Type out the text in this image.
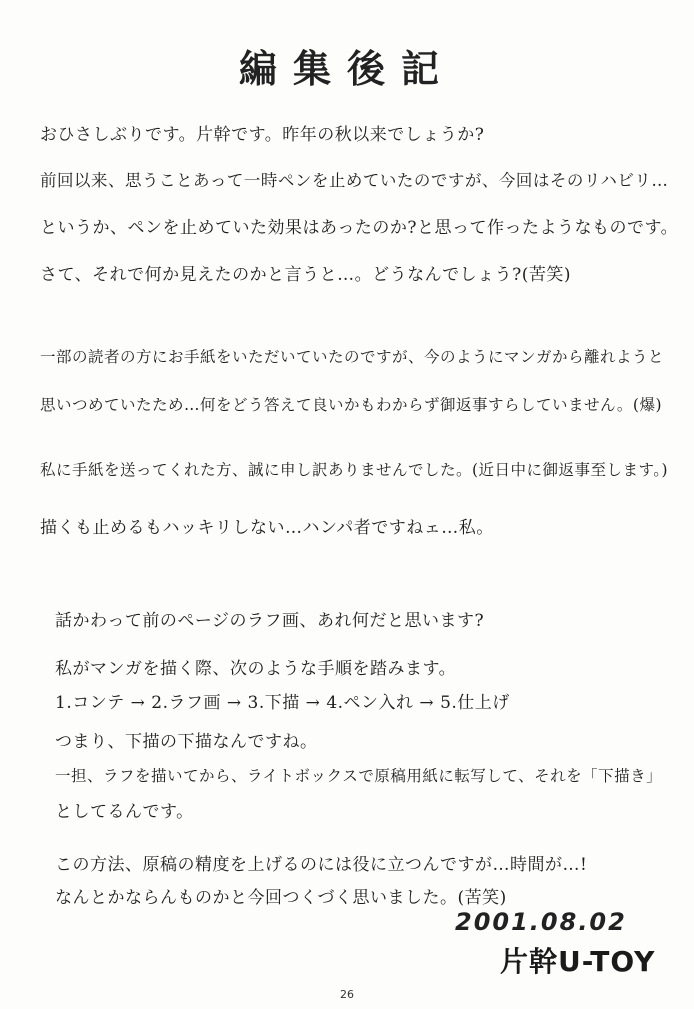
編集後記
おひさしぶりです。片幹です。昨年の秋以来でしょうか?
前回以来、思うことあって一時ペンを止めていたのですが、今回はそのリハビリ…
というか、ペンを止めていた効果はあったのか?と思って作ったようなものです。
さて、それで何か見えたのかと言うと…。どうなんでしょう?(苦笑)
一部の読者の方にお手紙をいただいていたのですが、今のようにマンガから離れようと
思いつめていたため…何をどう答えて良いかもわからず御返事すらしていません。(爆)
私に手紙を送ってくれた方、誠に申し訳ありませんでした。(近日中に御返事至します。)
描くも止めるもハッキリしない…ハンパ者ですねェ…私。
話かわって前のページのラフ画、あれ何だと思います?
私がマンガを描く際、次のような手順を踏みます。
1.コンテ → 2.ラフ画 → 3.下描 → 4.ペン入れ → 5.仕上げ
つまり、下描の下描なんですね。
一担、ラフを描いてから、ライトボックスで原稿用紙に転写して、それを「下描き」
としてるんです。
この方法、原稿の精度を上げるのには役に立つんですが…時間が…!
なんとかならんものかと今回つくづく思いました。(苦笑)
2001.08.02
片幹U-TOY
26
